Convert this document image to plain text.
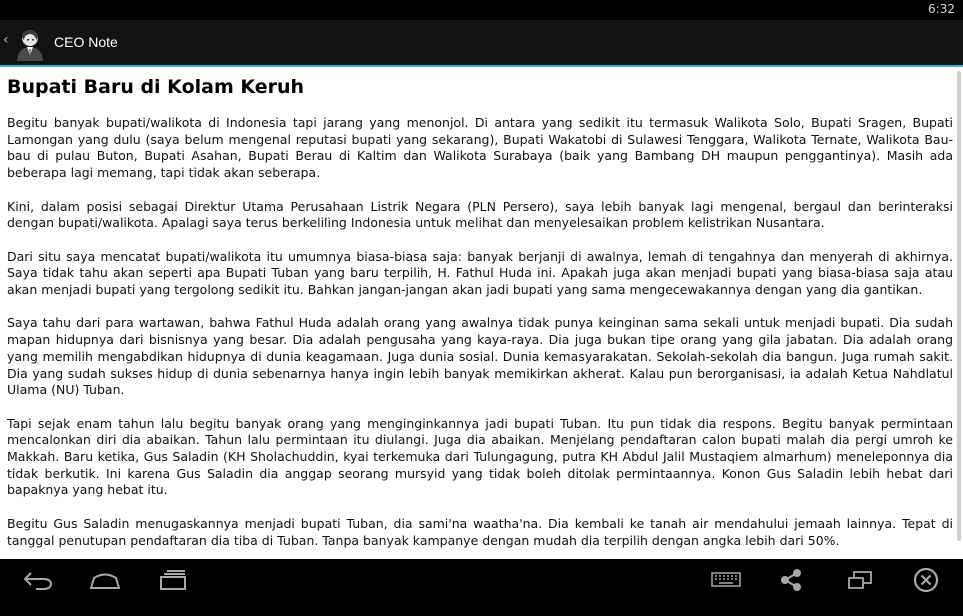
6:32
‹	CEO Note
Bupati Baru di Kolam Keruh

Begitu banyak bupati/walikota di Indonesia tapi jarang yang menonjol. Di antara yang sedikit itu termasuk Walikota Solo, Bupati Sragen, Bupati Lamongan yang dulu (saya belum mengenal reputasi bupati yang sekarang), Bupati Wakatobi di Sulawesi Tenggara, Walikota Ternate, Walikota Bau-bau di pulau Buton, Bupati Asahan, Bupati Berau di Kaltim dan Walikota Surabaya (baik yang Bambang DH maupun penggantinya). Masih ada beberapa lagi memang, tapi tidak akan seberapa.

Kini, dalam posisi sebagai Direktur Utama Perusahaan Listrik Negara (PLN Persero), saya lebih banyak lagi mengenal, bergaul dan berinteraksi dengan bupati/walikota. Apalagi saya terus berkeliling Indonesia untuk melihat dan menyelesaikan problem kelistrikan Nusantara.

Dari situ saya mencatat bupati/walikota itu umumnya biasa-biasa saja: banyak berjanji di awalnya, lemah di tengahnya dan menyerah di akhirnya. Saya tidak tahu akan seperti apa Bupati Tuban yang baru terpilih, H. Fathul Huda ini. Apakah juga akan menjadi bupati yang biasa-biasa saja atau akan menjadi bupati yang tergolong sedikit itu. Bahkan jangan-jangan akan jadi bupati yang sama mengecewakannya dengan yang dia gantikan.

Saya tahu dari para wartawan, bahwa Fathul Huda adalah orang yang awalnya tidak punya keinginan sama sekali untuk menjadi bupati. Dia sudah mapan hidupnya dari bisnisnya yang besar. Dia adalah pengusaha yang kaya-raya. Dia juga bukan tipe orang yang gila jabatan. Dia adalah orang yang memilih mengabdikan hidupnya di dunia keagamaan. Juga dunia sosial. Dunia kemasyarakatan. Sekolah-sekolah dia bangun. Juga rumah sakit. Dia yang sudah sukses hidup di dunia sebenarnya hanya ingin lebih banyak memikirkan akherat. Kalau pun berorganisasi, ia adalah Ketua Nahdlatul Ulama (NU) Tuban.

Tapi sejak enam tahun lalu begitu banyak orang yang menginginkannya jadi bupati Tuban. Itu pun tidak dia respons. Begitu banyak permintaan mencalonkan diri dia abaikan. Tahun lalu permintaan itu diulangi. Juga dia abaikan. Menjelang pendaftaran calon bupati malah dia pergi umroh ke Makkah. Baru ketika, Gus Saladin (KH Sholachuddin, kyai terkemuka dari Tulungagung, putra KH Abdul Jalil Mustaqiem almarhum) meneleponnya dia tidak berkutik. Ini karena Gus Saladin dia anggap seorang mursyid yang tidak boleh ditolak permintaannya. Konon Gus Saladin lebih hebat dari bapaknya yang hebat itu.

Begitu Gus Saladin menugaskannya menjadi bupati Tuban, dia sami'na waatha'na. Dia kembali ke tanah air mendahului jemaah lainnya. Tepat di tanggal penutupan pendaftaran dia tiba di Tuban. Tanpa banyak kampanye dengan mudah dia terpilih dengan angka lebih dari 50%.
